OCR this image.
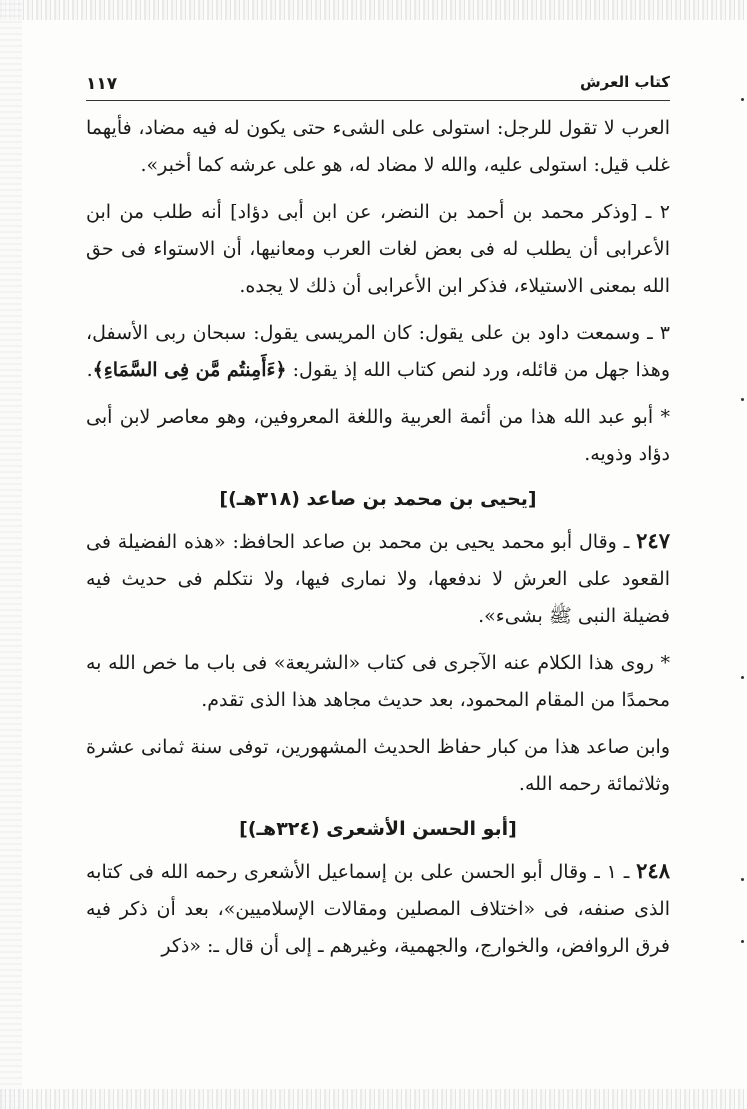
١١٧	كتاب العرش

العرب لا تقول للرجل: استولى على الشىء حتى يكون له فيه مضاد، فأيهما غلب قيل: استولى عليه، والله لا مضاد له، هو على عرشه كما أخبر».

٢ ـ [وذكر محمد بن أحمد بن النضر، عن ابن أبى دؤاد] أنه طلب من ابن الأعرابى أن يطلب له فى بعض لغات العرب ومعانيها، أن الاستواء فى حق الله بمعنى الاستيلاء، فذكر ابن الأعرابى أن ذلك لا يجده.

٣ ـ وسمعت داود بن على يقول: كان المريسى يقول: سبحان ربى الأسفل، وهذا جهل من قائله، ورد لنص كتاب الله إذ يقول: ﴿ءَأَمِنتُم مَّن فِى السَّمَاءِ﴾.

* أبو عبد الله هذا من أئمة العربية واللغة المعروفين، وهو معاصر لابن أبى دؤاد وذويه.

[يحيى بن محمد بن صاعد (٣١٨هـ)]

٢٤٧ ـ وقال أبو محمد يحيى بن محمد بن صاعد الحافظ: «هذه الفضيلة فى القعود على العرش لا ندفعها، ولا نمارى فيها، ولا نتكلم فى حديث فيه فضيلة النبى ﷺ بشىء».

* روى هذا الكلام عنه الآجرى فى كتاب «الشريعة» فى باب ما خص الله به محمدًا من المقام المحمود، بعد حديث مجاهد هذا الذى تقدم.

وابن صاعد هذا من كبار حفاظ الحديث المشهورين، توفى سنة ثمانى عشرة وثلاثمائة رحمه الله.

[أبو الحسن الأشعرى (٣٢٤هـ)]

٢٤٨ ـ ١ ـ وقال أبو الحسن على بن إسماعيل الأشعرى رحمه الله فى كتابه الذى صنفه، فى «اختلاف المصلين ومقالات الإسلاميين»، بعد أن ذكر فيه فرق الروافض، والخوارج، والجهمية، وغيرهم ـ إلى أن قال ـ: «ذكر
